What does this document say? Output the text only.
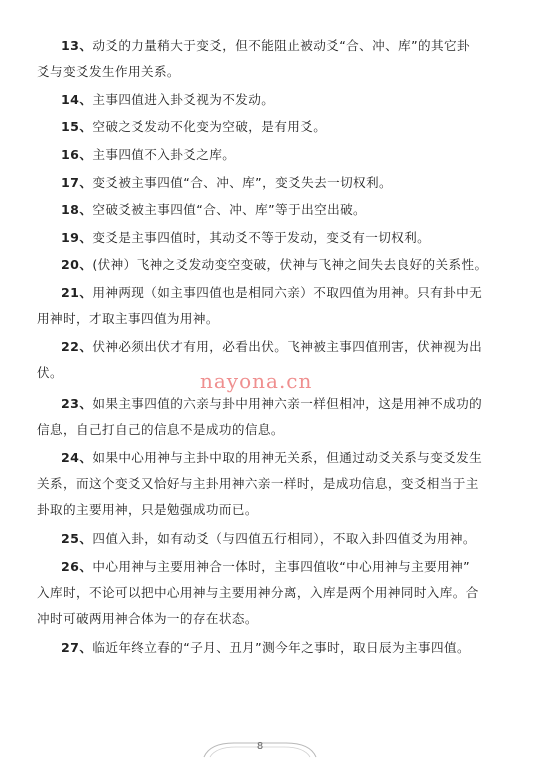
13、动爻的力量稍大于变爻，但不能阻止被动爻“合、冲、库”的其它卦
爻与变爻发生作用关系。

14、主事四值进入卦爻视为不发动。

15、空破之爻发动不化变为空破，是有用爻。

16、主事四值不入卦爻之库。

17、变爻被主事四值“合、冲、库”，变爻失去一切权利。

18、空破爻被主事四值“合、冲、库”等于出空出破。

19、变爻是主事四值时，其动爻不等于发动，变爻有一切权利。

20、(伏神）飞神之爻发动变空变破，伏神与飞神之间失去良好的关系性。

21、用神两现（如主事四值也是相同六亲）不取四值为用神。只有卦中无
用神时，才取主事四值为用神。

22、伏神必须出伏才有用，必看出伏。飞神被主事四值刑害，伏神视为出
伏。

23、如果主事四值的六亲与卦中用神六亲一样但相冲，这是用神不成功的
信息，自己打自己的信息不是成功的信息。

24、如果中心用神与主卦中取的用神无关系，但通过动爻关系与变爻发生
关系，而这个变爻又恰好与主卦用神六亲一样时，是成功信息，变爻相当于主
卦取的主要用神，只是勉强成功而已。

25、四值入卦，如有动爻（与四值五行相同），不取入卦四值爻为用神。

26、中心用神与主要用神合一体时，主事四值收“中心用神与主要用神”
入库时，不论可以把中心用神与主要用神分离，入库是两个用神同时入库。合
冲时可破两用神合体为一的存在状态。

27、临近年终立春的“子月、丑月”测今年之事时，取日辰为主事四值。

nayona.cn
8
